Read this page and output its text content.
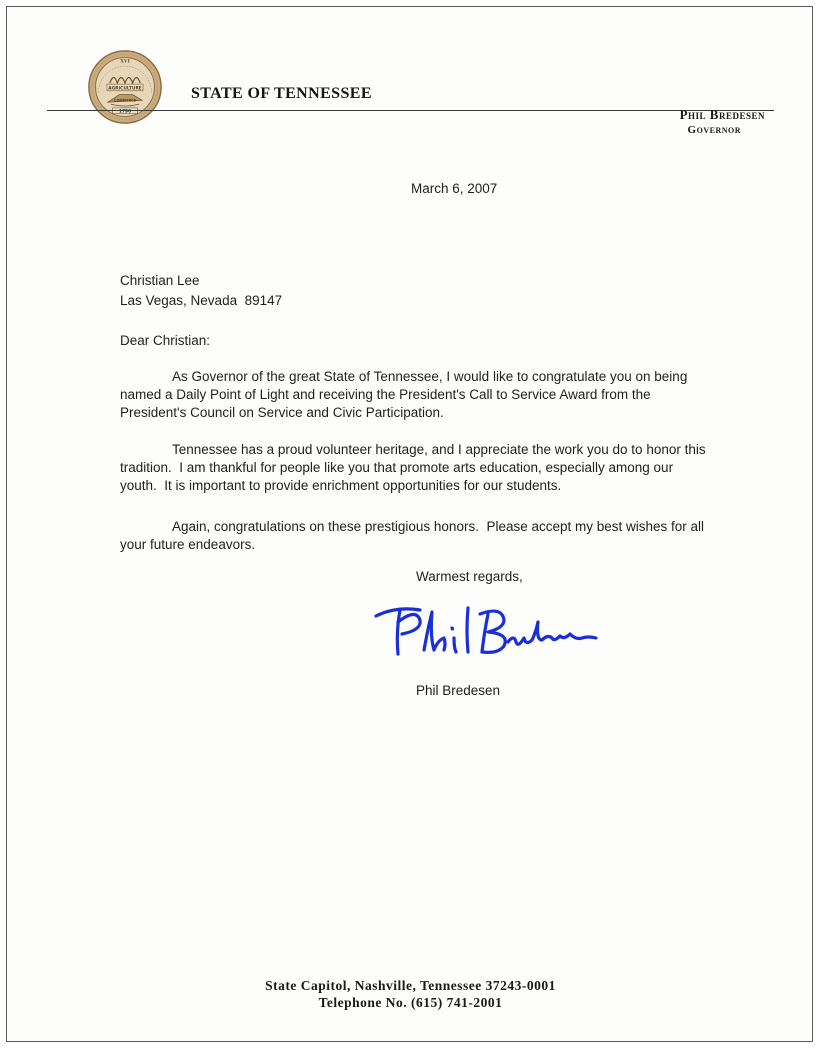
XVI
AGRICULTURE
COMMERCE
1796
STATE OF TENNESSEE
Phil Bredesen
Governor
March 6, 2007
Christian Lee
Las Vegas, Nevada  89147
Dear Christian:
As Governor of the great State of Tennessee, I would like to congratulate you on being named a Daily Point of Light and receiving the President's Call to Service Award from the President's Council on Service and Civic Participation.
Tennessee has a proud volunteer heritage, and I appreciate the work you do to honor this tradition.  I am thankful for people like you that promote arts education, especially among our youth.  It is important to provide enrichment opportunities for our students.
Again, congratulations on these prestigious honors.  Please accept my best wishes for all your future endeavors.
Warmest regards,
Phil Bredesen
State Capitol, Nashville, Tennessee 37243-0001
Telephone No. (615) 741-2001
